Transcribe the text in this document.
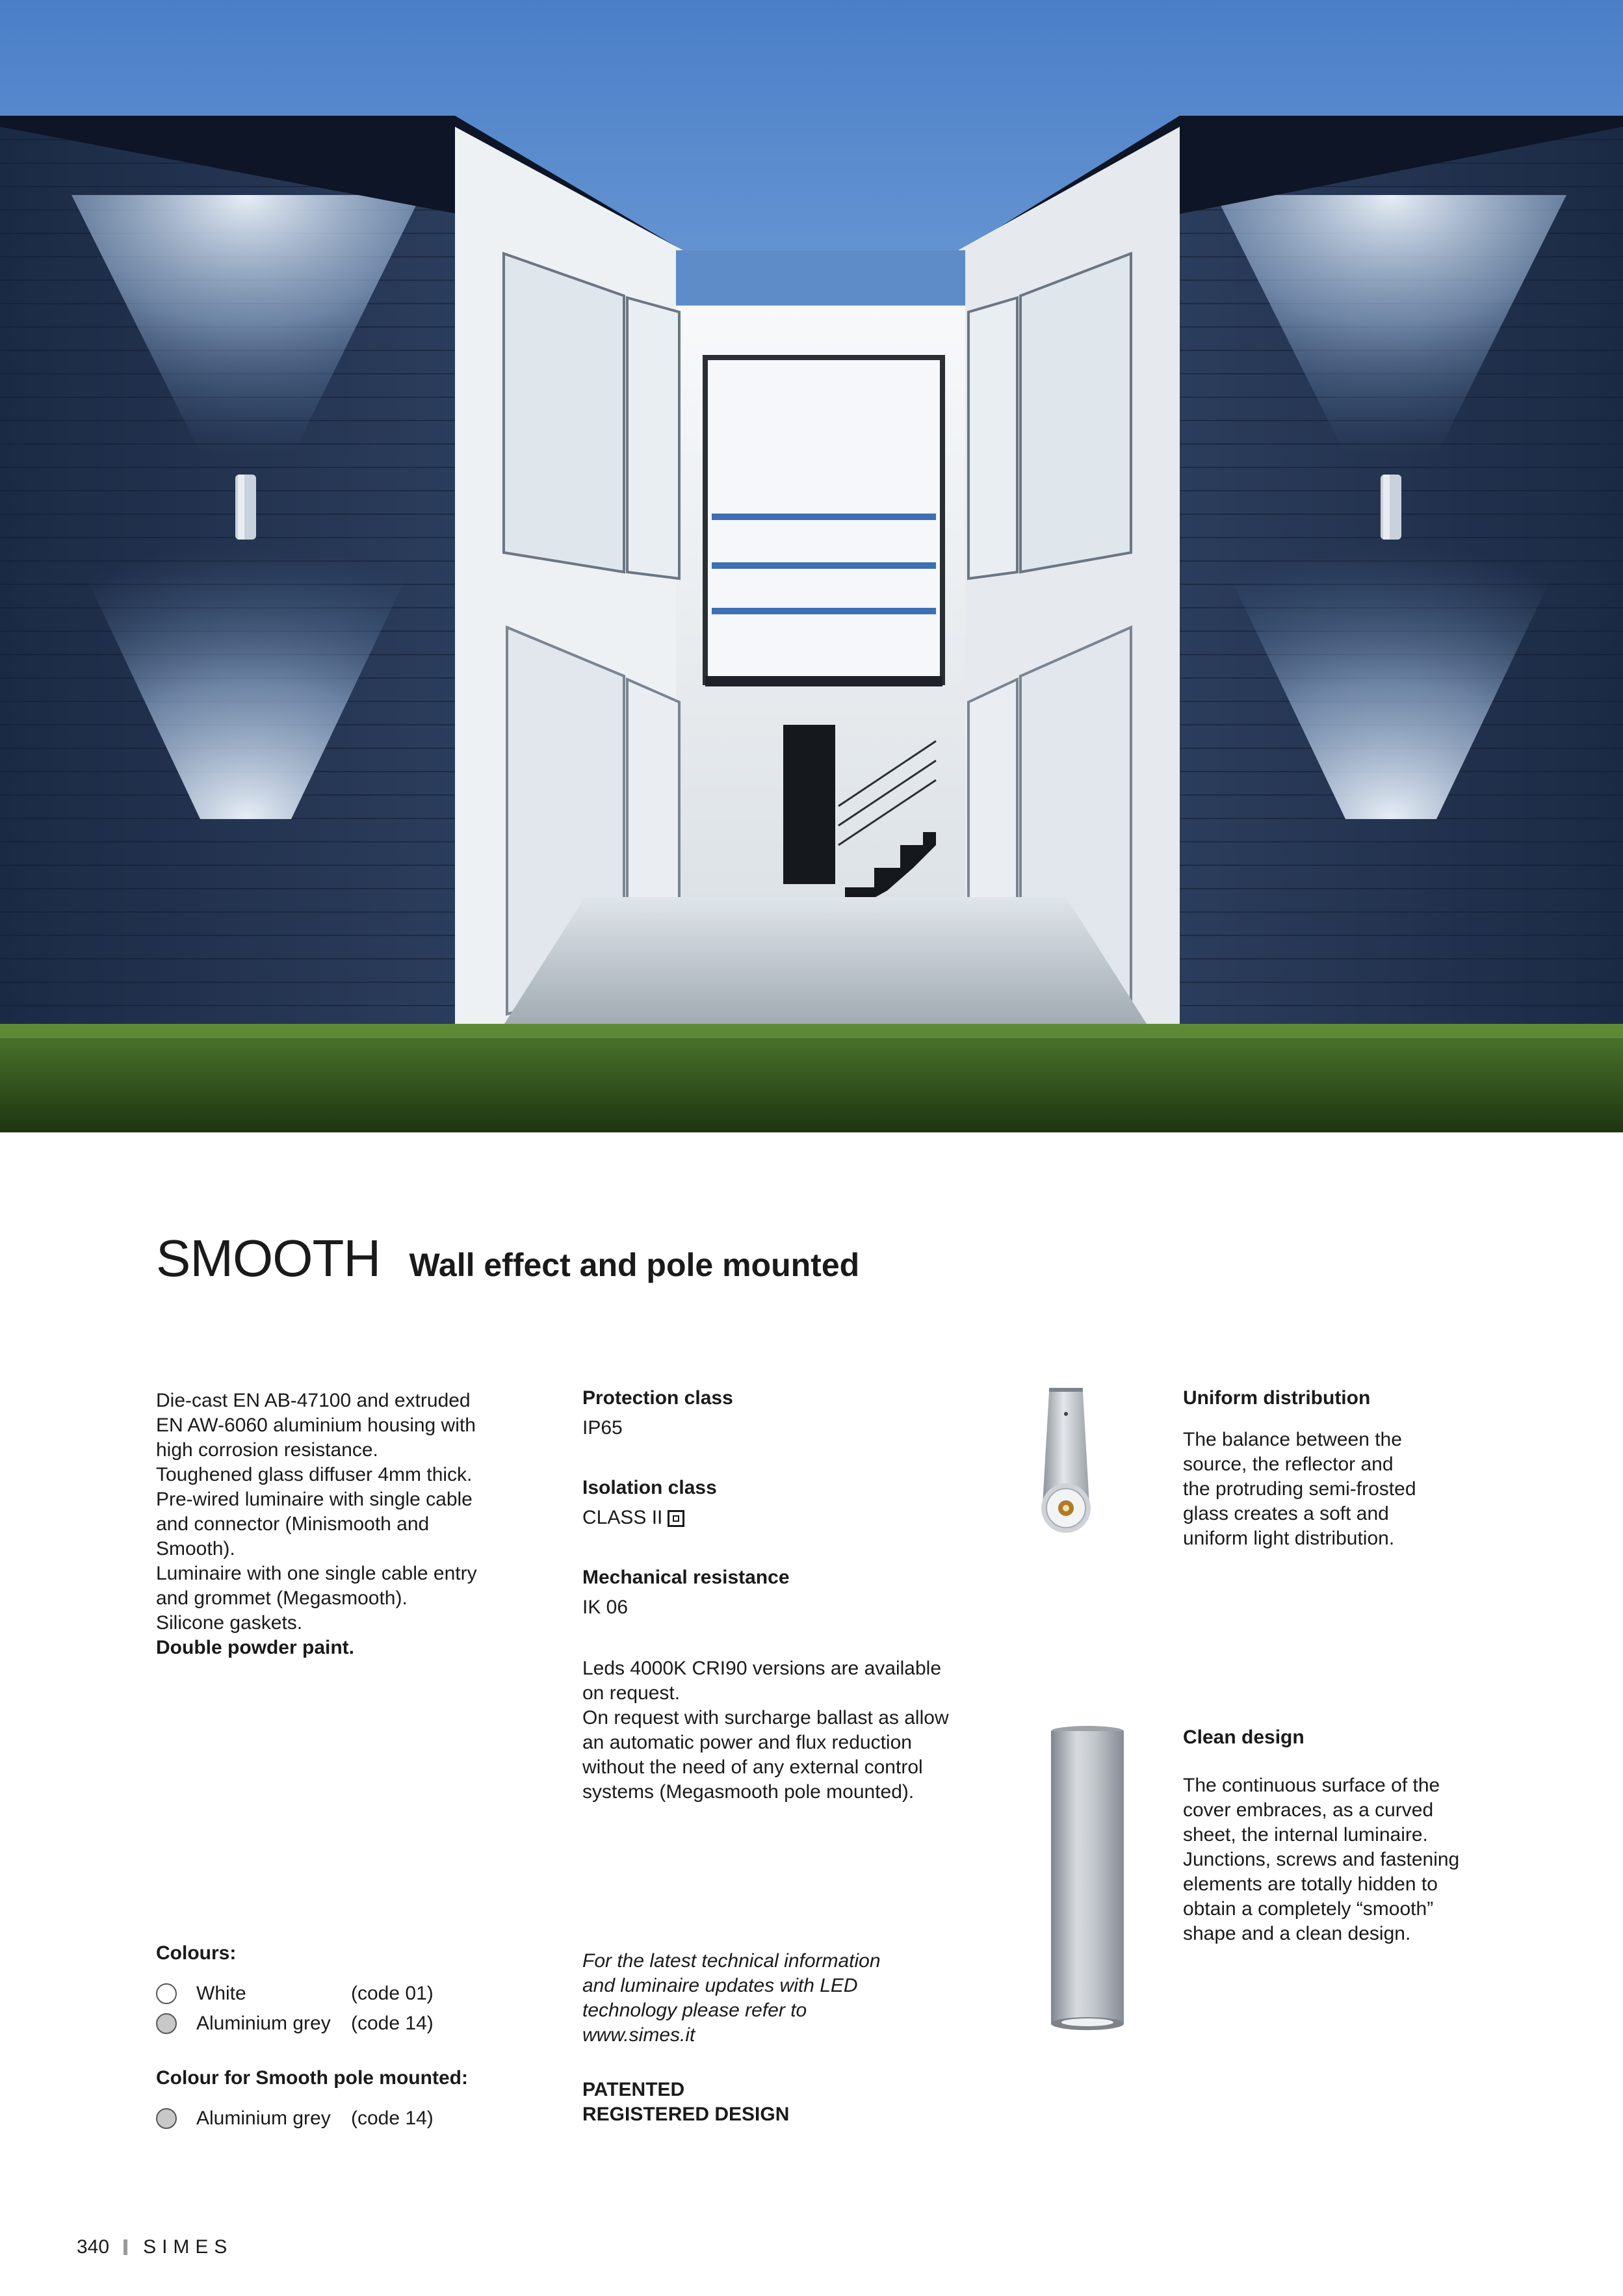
SMOOTH Wall effect and pole mounted

Die-cast EN AB-47100 and extruded

EN AW-6060 aluminium housing with

high corrosion resistance.

Toughened glass diffuser 4mm thick.

Pre-wired luminaire with single cable

and connector (Minismooth and

Smooth).

Luminaire with one single cable entry

and grommet (Megasmooth).

Silicone gaskets.

Double powder paint.

Colours:

White	(code 01)
Aluminium grey	(code 14)

Colour for Smooth pole mounted:

Aluminium grey	(code 14)

Protection class

IP65

Isolation class

CLASS II

Mechanical resistance

IK 06

Leds 4000K CRI90 versions are available

on request.

On request with surcharge ballast as allow

an automatic power and flux reduction

without the need of any external control

systems (Megasmooth pole mounted).

For the latest technical information

and luminaire updates with LED

technology please refer to

www.simes.it

PATENTED

REGISTERED DESIGN

Uniform distribution

The balance between the

source, the reflector and

the protruding semi-frosted

glass creates a soft and

uniform light distribution.

Clean design

The continuous surface of the

cover embraces, as a curved

sheet, the internal luminaire.

Junctions, screws and fastening

elements are totally hidden to

obtain a completely “smooth”

shape and a clean design.

340 SIMES
